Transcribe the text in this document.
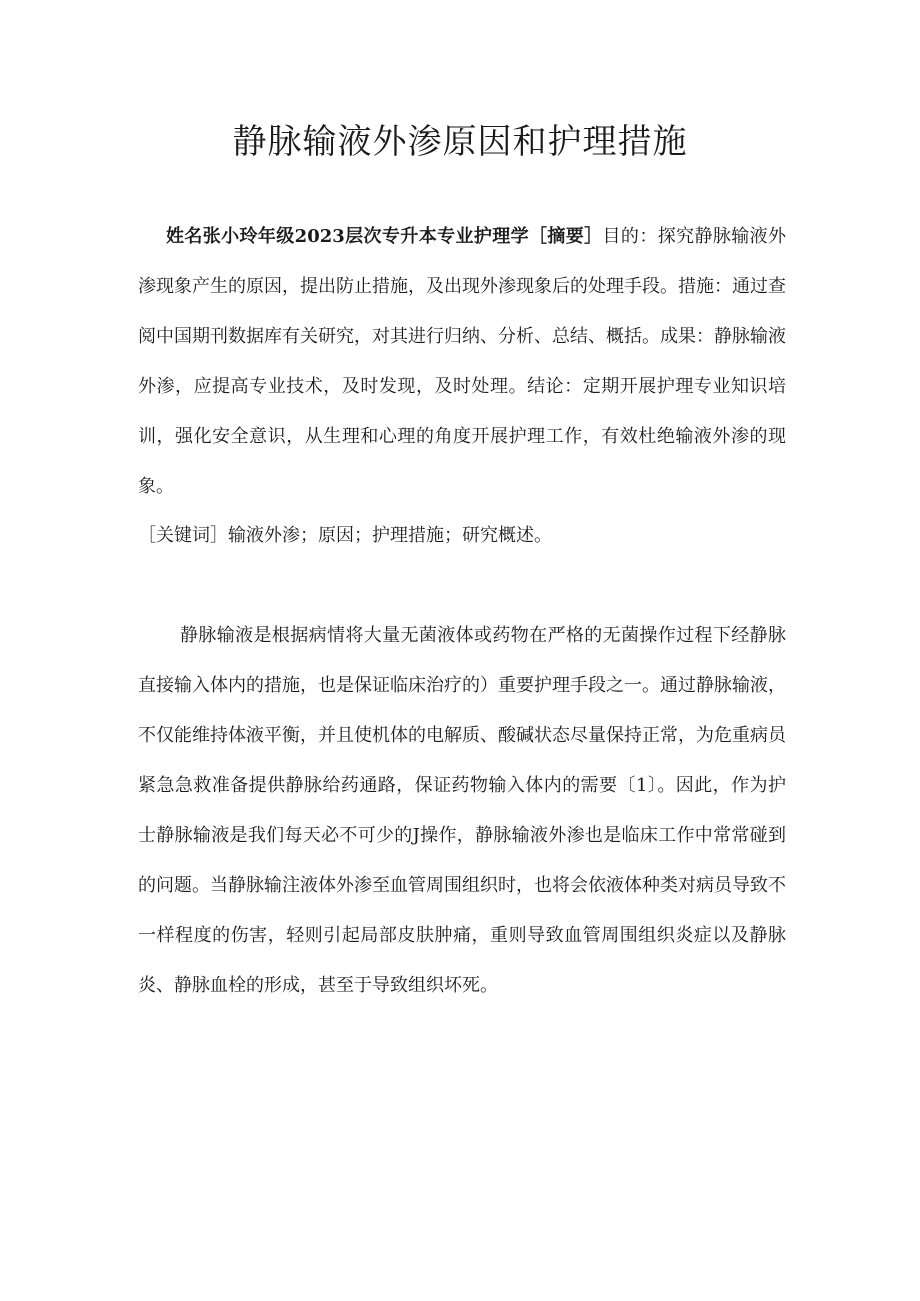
静脉输液外渗原因和护理措施

姓名张小玲年级2023层次专升本专业护理学［摘要］目的：探究静脉输液外渗现象产生的原因，提出防止措施，及出现外渗现象后的处理手段。措施：通过查阅中国期刊数据库有关研究，对其进行归纳、分析、总结、概括。成果：静脉输液外渗，应提高专业技术，及时发现，及时处理。结论：定期开展护理专业知识培训，强化安全意识，从生理和心理的角度开展护理工作，有效杜绝输液外渗的现象。

［关键词］输液外渗；原因；护理措施；研究概述。

静脉输液是根据病情将大量无菌液体或药物在严格的无菌操作过程下经静脉直接输入体内的措施，也是保证临床治疗的）重要护理手段之一。通过静脉输液，不仅能维持体液平衡，并且使机体的电解质、酸碱状态尽量保持正常，为危重病员紧急急救准备提供静脉给药通路，保证药物输入体内的需要〔1〕。因此，作为护士静脉输液是我们每天必不可少的J操作，静脉输液外渗也是临床工作中常常碰到的问题。当静脉输注液体外渗至血管周围组织时，也将会依液体种类对病员导致不一样程度的伤害，轻则引起局部皮肤肿痛，重则导致血管周围组织炎症以及静脉炎、静脉血栓的形成，甚至于导致组织坏死。
